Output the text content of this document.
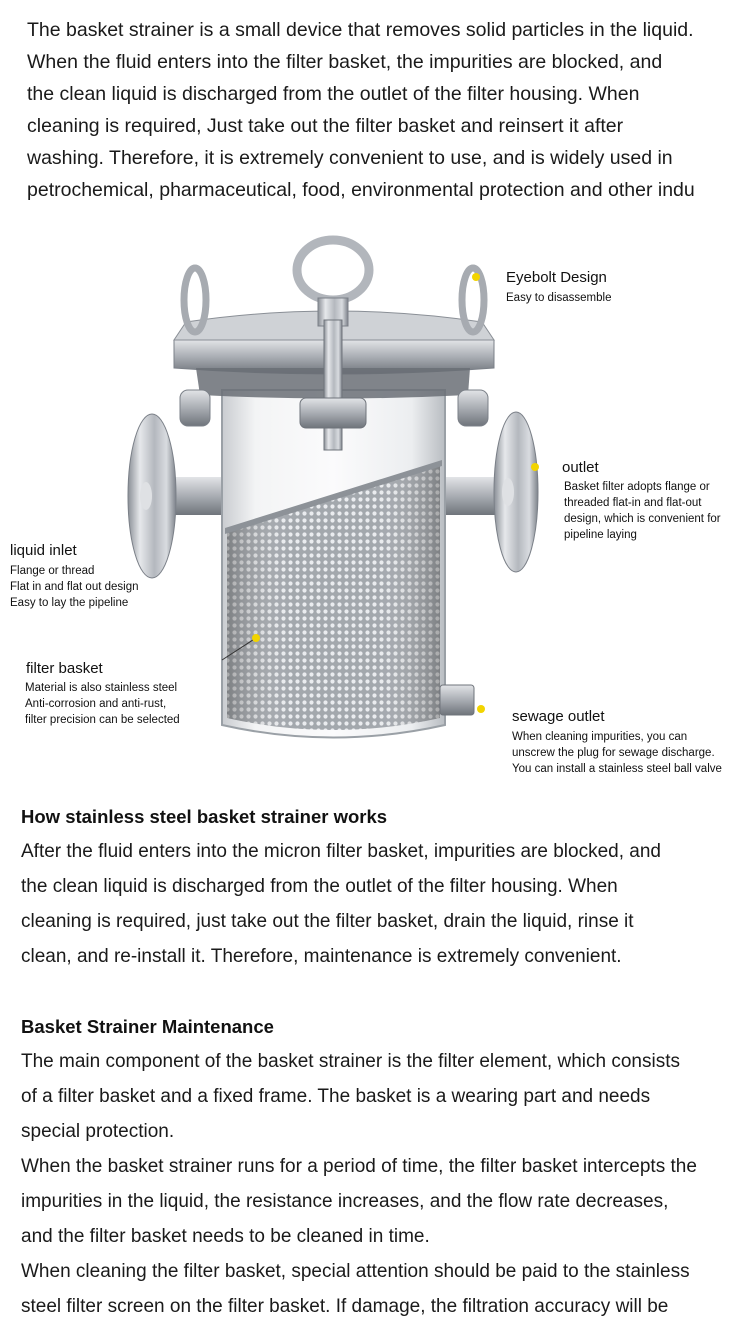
The basket strainer is a small device that removes solid particles in the liquid.
When the fluid enters into the filter basket, the impurities are blocked, and
the clean liquid is discharged from the outlet of the filter housing. When
cleaning is required, Just take out the filter basket and reinsert it after
washing. Therefore, it is extremely convenient to use, and is widely used in
petrochemical, pharmaceutical, food, environmental protection and other indu
Eyebolt Design
Easy to disassemble
outlet
Basket filter adopts flange or
threaded flat-in and flat-out
design, which is convenient for
pipeline laying
liquid inlet
Flange or thread
Flat in and flat out design
Easy to lay the pipeline
filter basket
Material is also stainless steel
Anti-corrosion and anti-rust,
filter precision can be selected	sewage outlet
When cleaning impurities, you can
unscrew the plug for sewage discharge.
You can install a stainless steel ball valve
How stainless steel basket strainer works
After the fluid enters into the micron filter basket, impurities are blocked, and
the clean liquid is discharged from the outlet of the filter housing. When
cleaning is required, just take out the filter basket, drain the liquid, rinse it
clean, and re-install it. Therefore, maintenance is extremely convenient.
Basket Strainer Maintenance
The main component of the basket strainer is the filter element, which consists
of a filter basket and a fixed frame. The basket is a wearing part and needs
special protection.
When the basket strainer runs for a period of time, the filter basket intercepts the
impurities in the liquid, the resistance increases, and the flow rate decreases,
and the filter basket needs to be cleaned in time.
When cleaning the filter basket, special attention should be paid to the stainless
steel filter screen on the filter basket. If damage, the filtration accuracy will be
